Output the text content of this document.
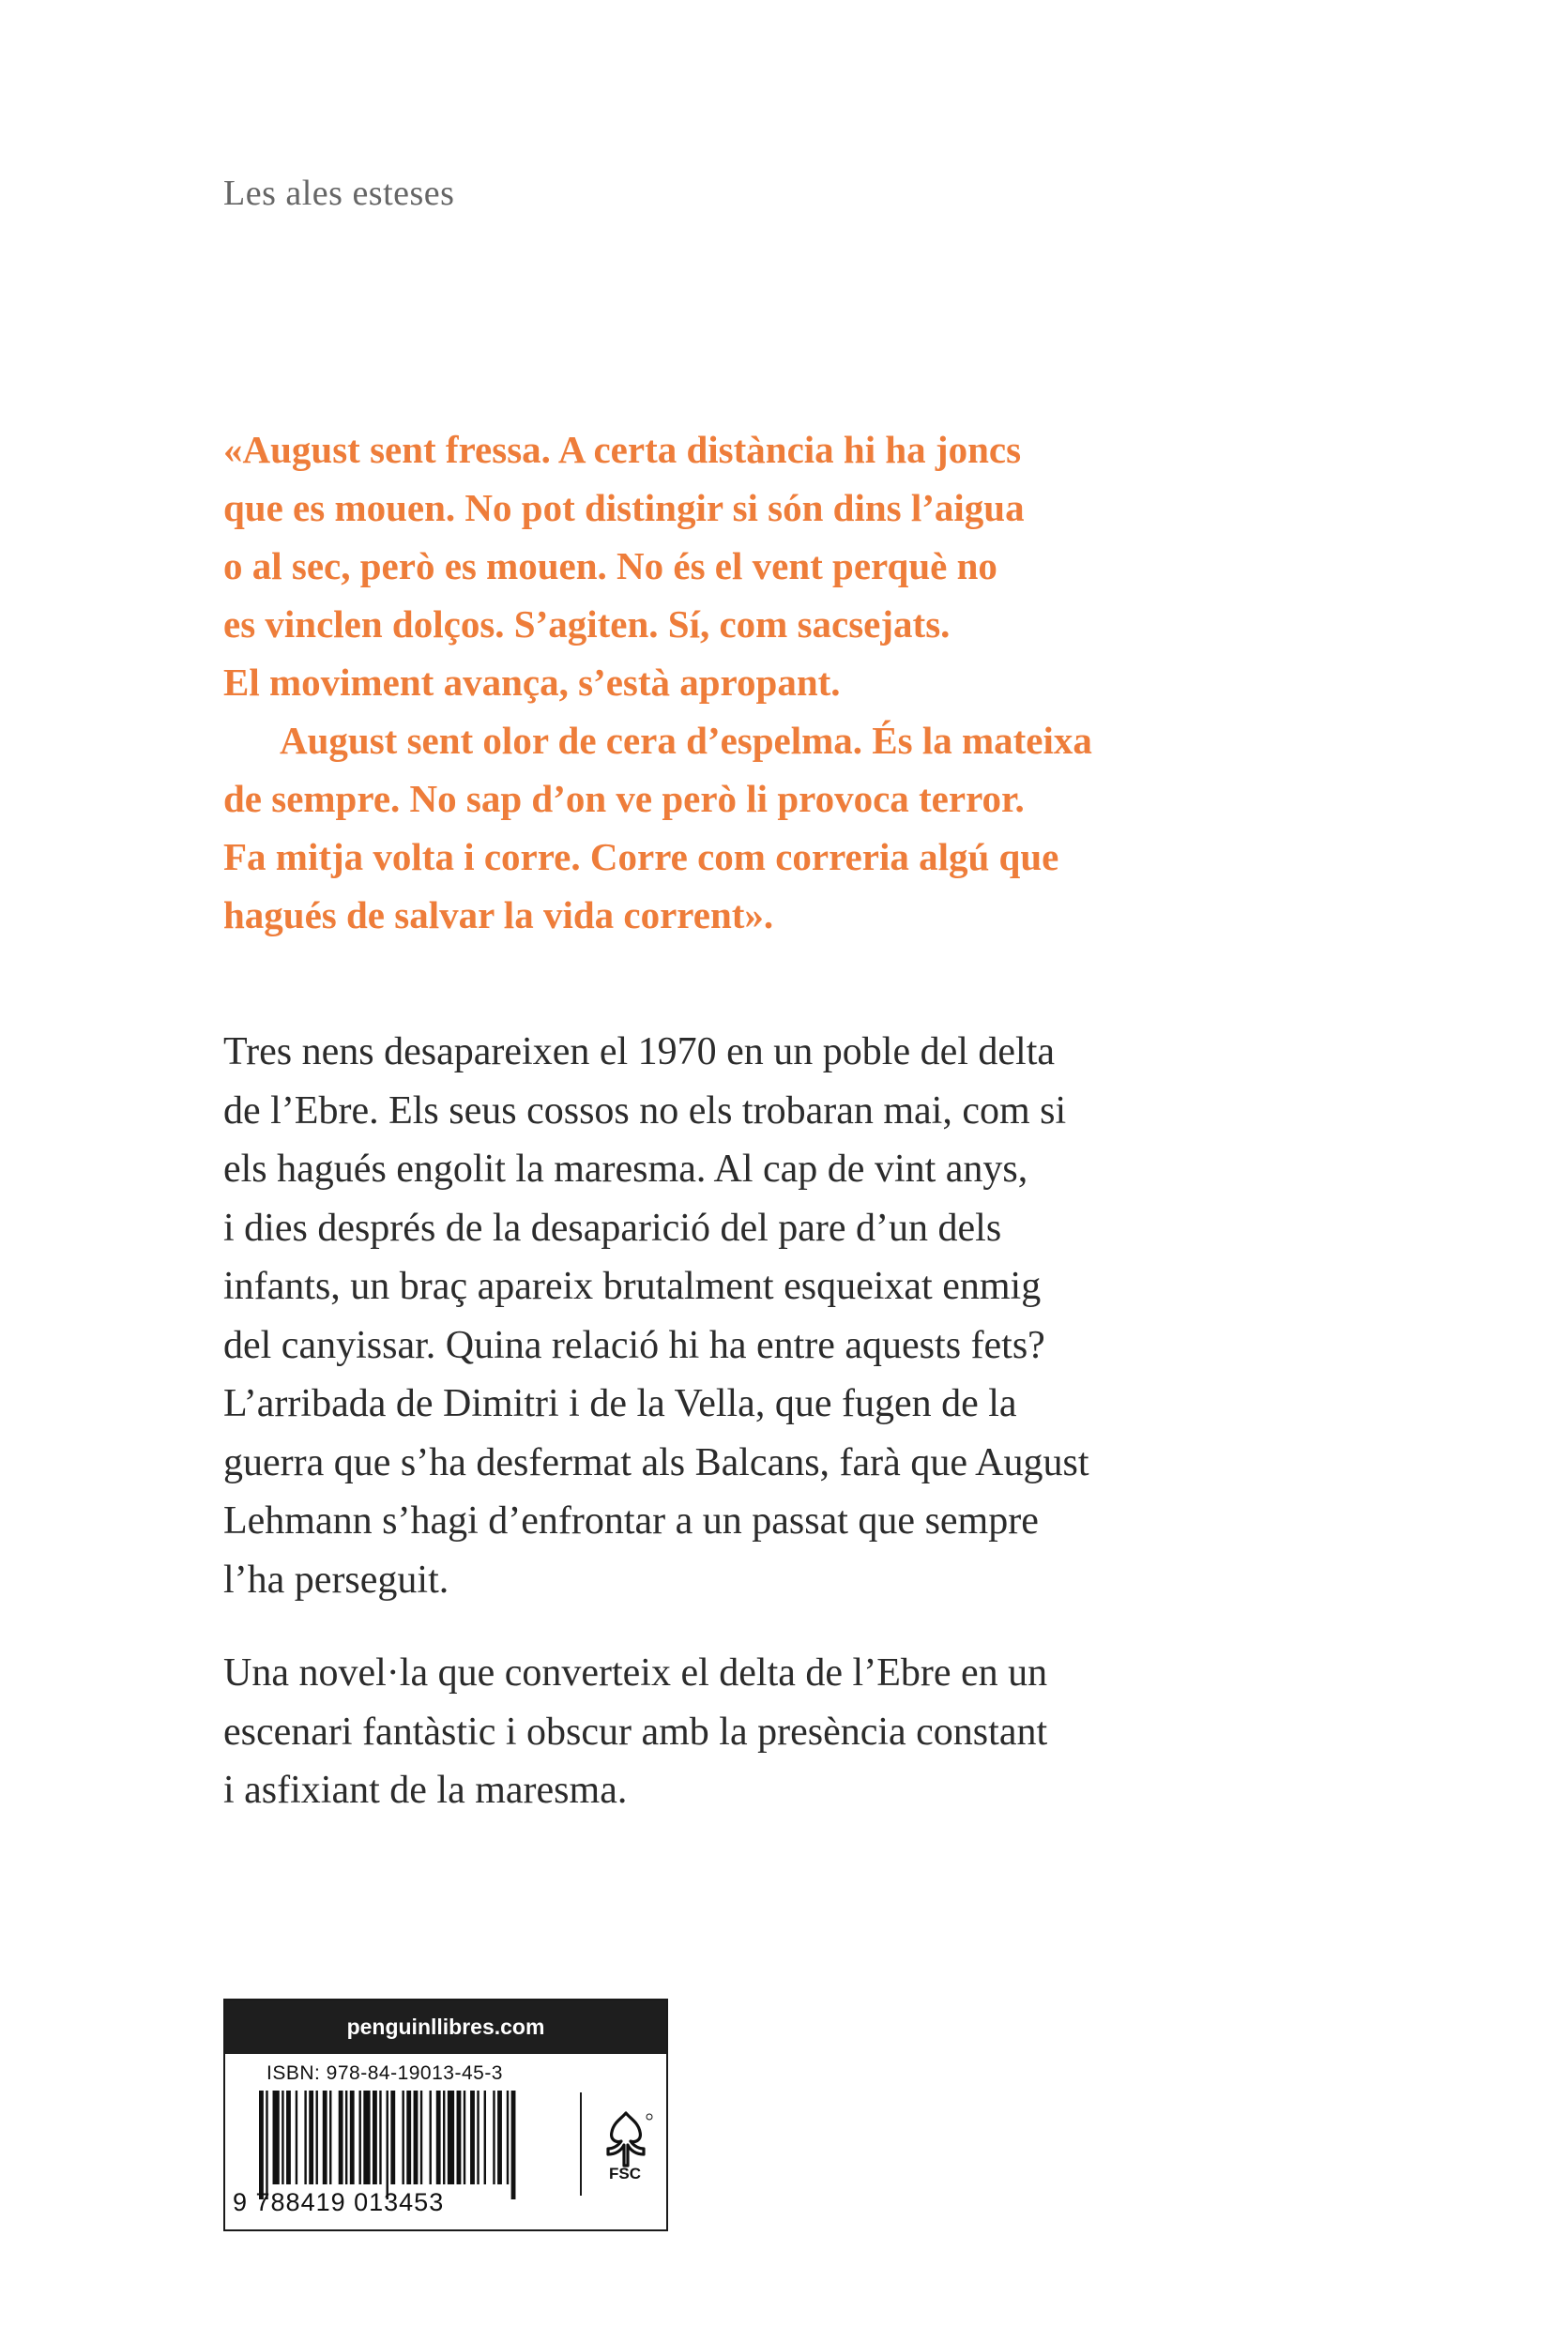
Les ales esteses

«August sent fressa. A certa distància hi ha joncs
que es mouen. No pot distingir si són dins l’aigua
o al sec, però es mouen. No és el vent perquè no
es vinclen dolços. S’agiten. Sí, com sacsejats.
El moviment avança, s’està apropant.
August sent olor de cera d’espelma. És la mateixa
de sempre. No sap d’on ve però li provoca terror.
Fa mitja volta i corre. Corre com correria algú que
hagués de salvar la vida corrent».

Tres nens desapareixen el 1970 en un poble del delta
de l’Ebre. Els seus cossos no els trobaran mai, com si
els hagués engolit la maresma. Al cap de vint anys,
i dies després de la desaparició del pare d’un dels
infants, un braç apareix brutalment esqueixat enmig
del canyissar. Quina relació hi ha entre aquests fets?
L’arribada de Dimitri i de la Vella, que fugen de la
guerra que s’ha desfermat als Balcans, farà que August
Lehmann s’hagi d’enfrontar a un passat que sempre
l’ha perseguit.

Una novel·la que converteix el delta de l’Ebre en un
escenari fantàstic i obscur amb la presència constant
i asfixiant de la maresma.

penguinllibres.com
ISBN: 978-84-19013-45-3
9 788419 013453
FSC
